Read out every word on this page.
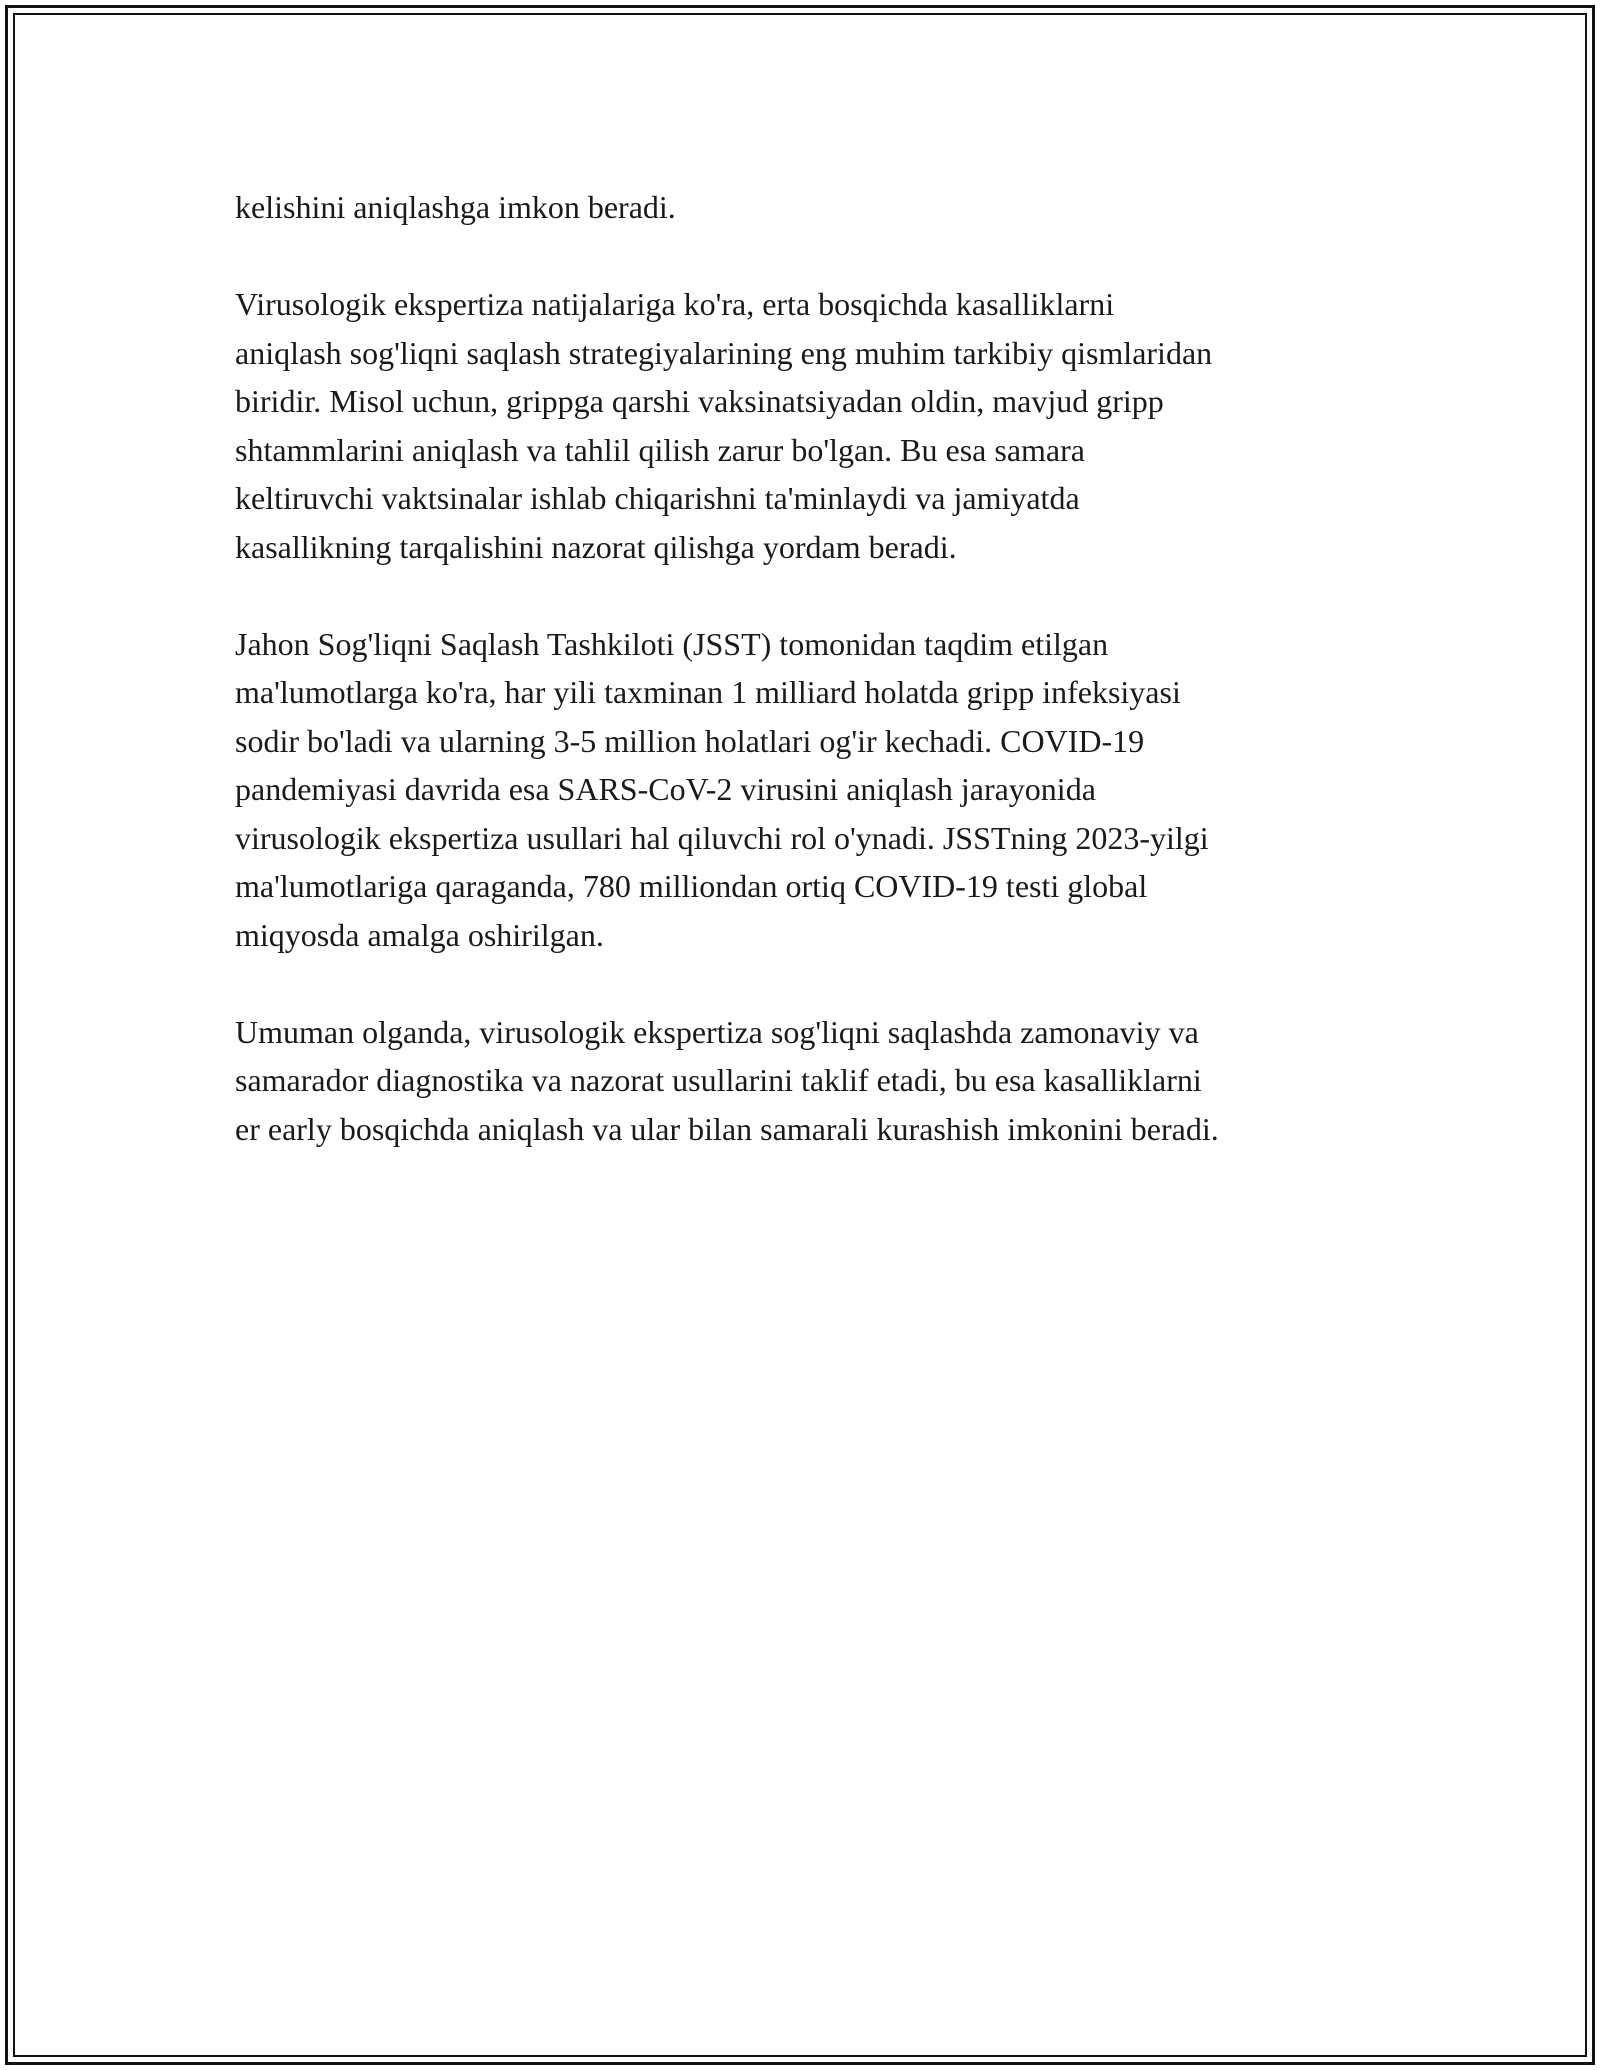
kelishini aniqlashga imkon beradi.

Virusologik ekspertiza natijalariga ko'ra, erta bosqichda kasalliklarni
aniqlash sog'liqni saqlash strategiyalarining eng muhim tarkibiy qismlaridan
biridir. Misol uchun, grippga qarshi vaksinatsiyadan oldin, mavjud gripp
shtammlarini aniqlash va tahlil qilish zarur bo'lgan. Bu esa samara
keltiruvchi vaktsinalar ishlab chiqarishni ta'minlaydi va jamiyatda
kasallikning tarqalishini nazorat qilishga yordam beradi.

Jahon Sog'liqni Saqlash Tashkiloti (JSST) tomonidan taqdim etilgan
ma'lumotlarga ko'ra, har yili taxminan 1 milliard holatda gripp infeksiyasi
sodir bo'ladi va ularning 3-5 million holatlari og'ir kechadi. COVID-19
pandemiyasi davrida esa SARS-CoV-2 virusini aniqlash jarayonida
virusologik ekspertiza usullari hal qiluvchi rol o'ynadi. JSSTning 2023-yilgi
ma'lumotlariga qaraganda, 780 milliondan ortiq COVID-19 testi global
miqyosda amalga oshirilgan.

Umuman olganda, virusologik ekspertiza sog'liqni saqlashda zamonaviy va
samarador diagnostika va nazorat usullarini taklif etadi, bu esa kasalliklarni
er early bosqichda aniqlash va ular bilan samarali kurashish imkonini beradi.
